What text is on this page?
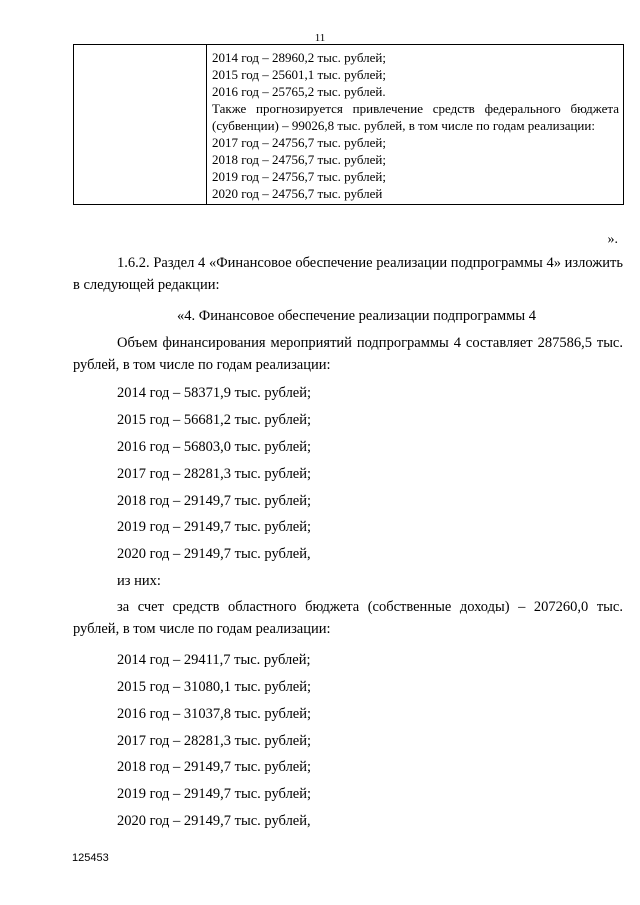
11

2014 год – 28960,2 тыс. рублей;
2015 год – 25601,1 тыс. рублей;
2016 год – 25765,2 тыс. рублей.
Также прогнозируется привлечение средств федерального бюджета (субвенции) – 99026,8 тыс. рублей, в том числе по годам реализации:
2017 год – 24756,7 тыс. рублей;
2018 год – 24756,7 тыс. рублей;
2019 год – 24756,7 тыс. рублей;
2020 год – 24756,7 тыс. рублей
».
1.6.2. Раздел 4 «Финансовое обеспечение реализации подпрограммы 4» изложить в следующей редакции:
«4. Финансовое обеспечение реализации подпрограммы 4
Объем финансирования мероприятий подпрограммы 4 составляет 287586,5 тыс. рублей, в том числе по годам реализации:
2014 год – 58371,9 тыс. рублей;
2015 год – 56681,2 тыс. рублей;
2016 год – 56803,0 тыс. рублей;
2017 год – 28281,3 тыс. рублей;
2018 год – 29149,7 тыс. рублей;
2019 год – 29149,7 тыс. рублей;
2020 год – 29149,7 тыс. рублей,
из них:
за счет средств областного бюджета (собственные доходы) – 207260,0 тыс. рублей, в том числе по годам реализации:
2014 год – 29411,7 тыс. рублей;
2015 год – 31080,1 тыс. рублей;
2016 год – 31037,8 тыс. рублей;
2017 год – 28281,3 тыс. рублей;
2018 год – 29149,7 тыс. рублей;
2019 год – 29149,7 тыс. рублей;
2020 год – 29149,7 тыс. рублей,
125453
